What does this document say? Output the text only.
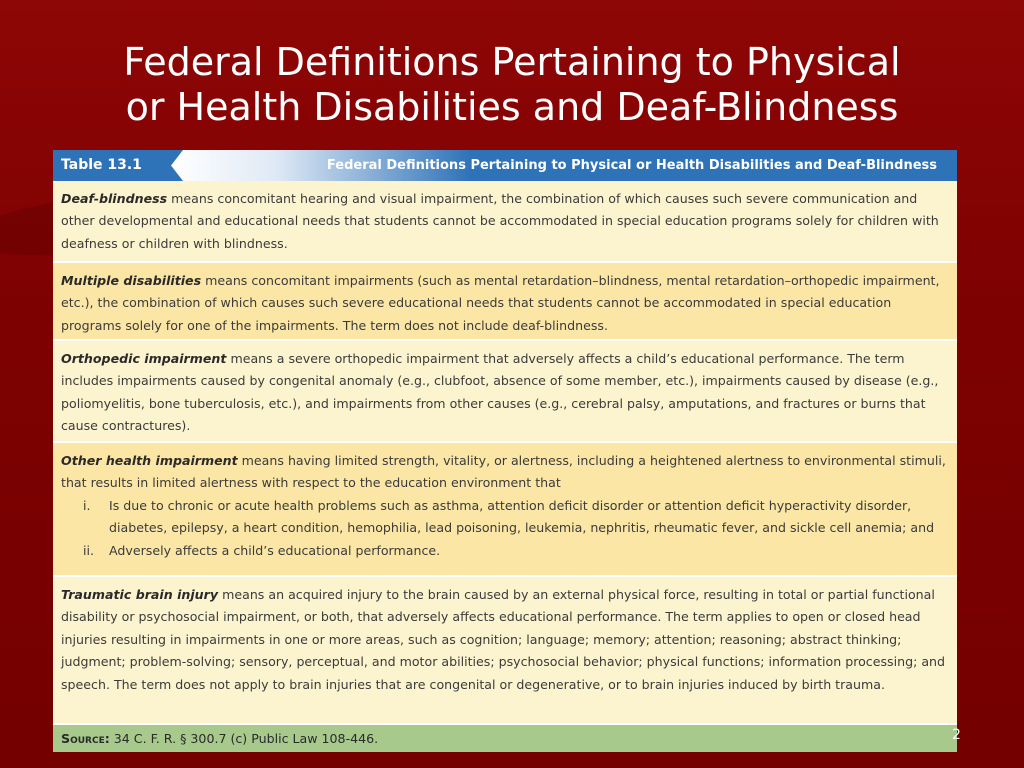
Federal Definitions Pertaining to Physical
or Health Disabilities and Deaf-Blindness
Table 13.1	Federal Definitions Pertaining to Physical or Health Disabilities and Deaf-Blindness
Deaf-blindness means concomitant hearing and visual impairment, the combination of which causes such severe communication and other developmental and educational needs that students cannot be accommodated in special education programs solely for children with deafness or children with blindness.
Multiple disabilities means concomitant impairments (such as mental retardation–blindness, mental retardation–orthopedic impairment, etc.), the combination of which causes such severe educational needs that students cannot be accommodated in special education programs solely for one of the impairments. The term does not include deaf-blindness.
Orthopedic impairment means a severe orthopedic impairment that adversely affects a child’s educational performance. The term includes impairments caused by congenital anomaly (e.g., clubfoot, absence of some member, etc.), impairments caused by disease (e.g., poliomyelitis, bone tuberculosis, etc.), and impairments from other causes (e.g., cerebral palsy, amputations, and fractures or burns that cause contractures).
Other health impairment means having limited strength, vitality, or alertness, including a heightened alertness to environmental stimuli, that results in limited alertness with respect to the education environment that
i. Is due to chronic or acute health problems such as asthma, attention deficit disorder or attention deficit hyperactivity disorder, diabetes, epilepsy, a heart condition, hemophilia, lead poisoning, leukemia, nephritis, rheumatic fever, and sickle cell anemia; and
ii. Adversely affects a child’s educational performance.
Traumatic brain injury means an acquired injury to the brain caused by an external physical force, resulting in total or partial functional disability or psychosocial impairment, or both, that adversely affects educational performance. The term applies to open or closed head injuries resulting in impairments in one or more areas, such as cognition; language; memory; attention; reasoning; abstract thinking; judgment; problem-solving; sensory, perceptual, and motor abilities; psychosocial behavior; physical functions; information processing; and speech. The term does not apply to brain injuries that are congenital or degenerative, or to brain injuries induced by birth trauma.
Source: 34 C. F. R. § 300.7 (c) Public Law 108-446.	2
